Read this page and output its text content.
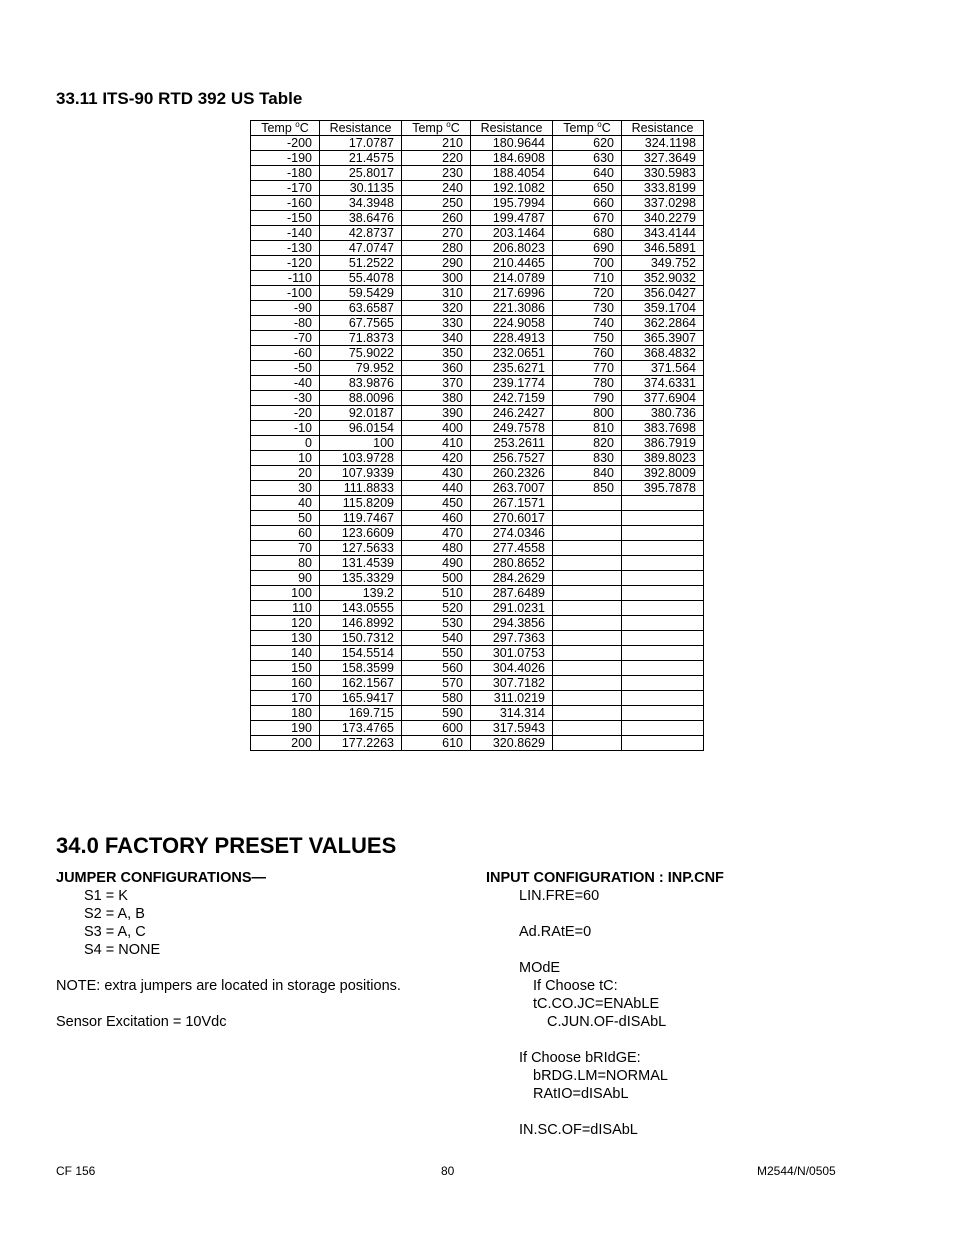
33.11 ITS-90 RTD 392 US Table
Temp $^o$C	Resistance	Temp $^o$C	Resistance	Temp $^o$C	Resistance
-200	17.0787	210	180.9644	620	324.1198
-190	21.4575	220	184.6908	630	327.3649
-180	25.8017	230	188.4054	640	330.5983
-170	30.1135	240	192.1082	650	333.8199
-160	34.3948	250	195.7994	660	337.0298
-150	38.6476	260	199.4787	670	340.2279
-140	42.8737	270	203.1464	680	343.4144
-130	47.0747	280	206.8023	690	346.5891
-120	51.2522	290	210.4465	700	349.752
-110	55.4078	300	214.0789	710	352.9032
-100	59.5429	310	217.6996	720	356.0427
-90	63.6587	320	221.3086	730	359.1704
-80	67.7565	330	224.9058	740	362.2864
-70	71.8373	340	228.4913	750	365.3907
-60	75.9022	350	232.0651	760	368.4832
-50	79.952	360	235.6271	770	371.564
-40	83.9876	370	239.1774	780	374.6331
-30	88.0096	380	242.7159	790	377.6904
-20	92.0187	390	246.2427	800	380.736
-10	96.0154	400	249.7578	810	383.7698
0	100	410	253.2611	820	386.7919
10	103.9728	420	256.7527	830	389.8023
20	107.9339	430	260.2326	840	392.8009
30	111.8833	440	263.7007	850	395.7878
40	115.8209	450	267.1571		
50	119.7467	460	270.6017		
60	123.6609	470	274.0346		
70	127.5633	480	277.4558		
80	131.4539	490	280.8652		
90	135.3329	500	284.2629		
100	139.2	510	287.6489		
110	143.0555	520	291.0231		
120	146.8992	530	294.3856		
130	150.7312	540	297.7363		
140	154.5514	550	301.0753		
150	158.3599	560	304.4026		
160	162.1567	570	307.7182		
170	165.9417	580	311.0219		
180	169.715	590	314.314		
190	173.4765	600	317.5943		
200	177.2263	610	320.8629		
34.0 FACTORY PRESET VALUES
JUMPER CONFIGURATIONS—
S1 = K
S2 = A, B
S3 = A, C
S4 = NONE
NOTE: extra jumpers are located in storage positions.
Sensor Excitation = 10Vdc
INPUT CONFIGURATION : INP.CNF
LIN.FRE=60
Ad.RAtE=0
MOdE
If Choose tC:
tC.CO.JC=ENAbLE
C.JUN.OF-dISAbL
If Choose bRIdGE:
bRDG.LM=NORMAL
RAtIO=dISAbL
IN.SC.OF=dISAbL
CF 156	80	M2544/N/0505
